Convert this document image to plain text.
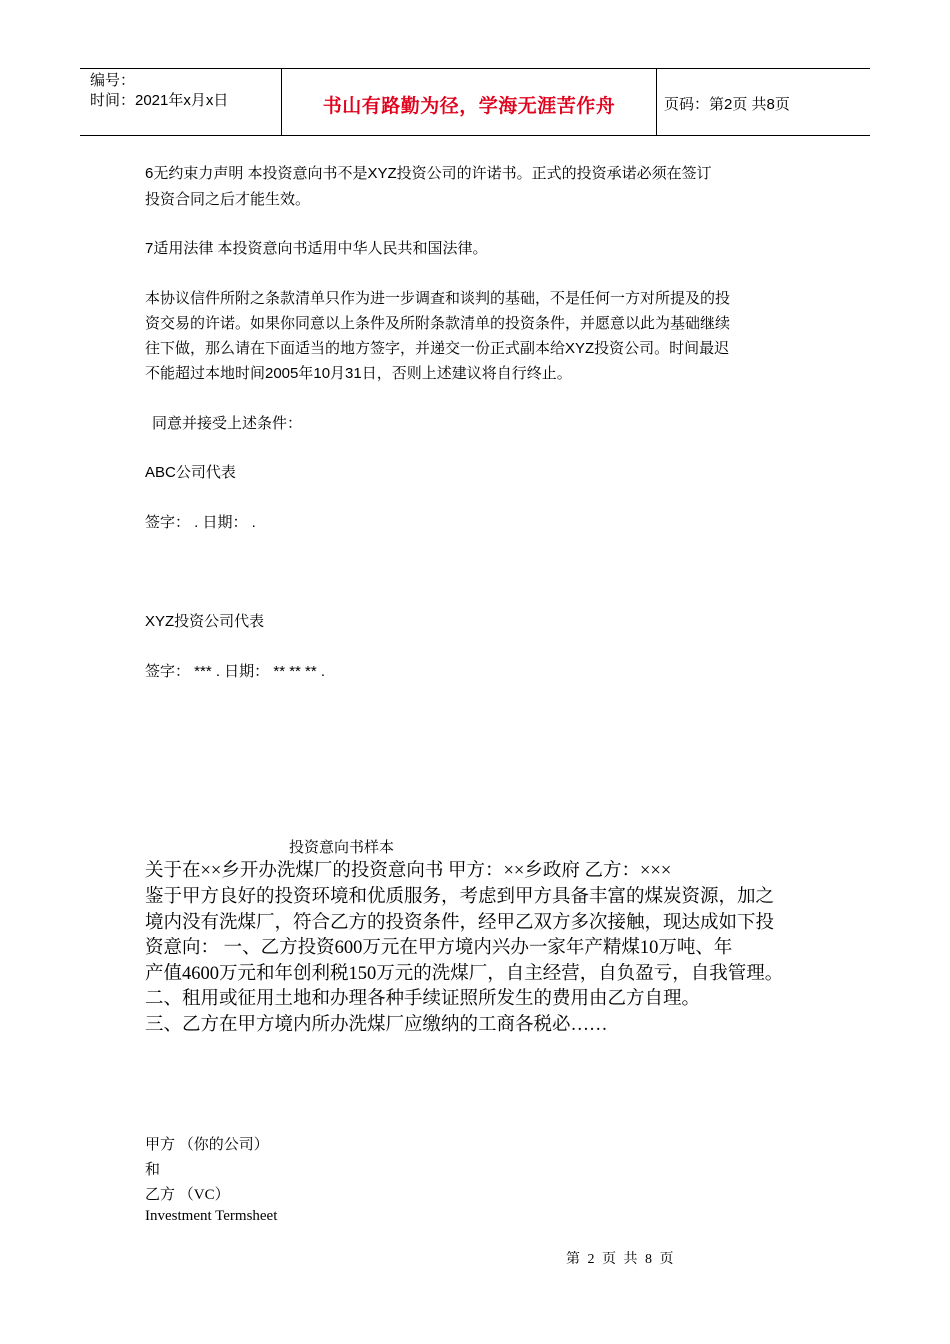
编号：
时间：2021年x月x日	书山有路勤为径，学海无涯苦作舟	页码：第2页 共8页
6无约束力声明 本投资意向书不是XYZ投资公司的许诺书。正式的投资承诺必须在签订
投资合同之后才能生效。
7适用法律 本投资意向书适用中华人民共和国法律。
本协议信件所附之条款清单只作为进一步调查和谈判的基础，不是任何一方对所提及的投
资交易的许诺。如果你同意以上条件及所附条款清单的投资条件，并愿意以此为基础继续
往下做，那么请在下面适当的地方签字，并递交一份正式副本给XYZ投资公司。时间最迟
不能超过本地时间2005年10月31日，否则上述建议将自行终止。
同意并接受上述条件：
ABC公司代表
签字： . 日期： .
XYZ投资公司代表
签字： *** . 日期： ** ** ** .
投资意向书样本
关于在××乡开办洗煤厂的投资意向书 甲方：××乡政府 乙方：×××
鉴于甲方良好的投资环境和优质服务，考虑到甲方具备丰富的煤炭资源，加之
境内没有洗煤厂，符合乙方的投资条件，经甲乙双方多次接触，现达成如下投
资意向： 一、乙方投资600万元在甲方境内兴办一家年产精煤10万吨、年
产值4600万元和年创利税150万元的洗煤厂，自主经营，自负盈亏，自我管理。
二、租用或征用土地和办理各种手续证照所发生的费用由乙方自理。
三、乙方在甲方境内所办洗煤厂应缴纳的工商各税必……
甲方 （你的公司）
和
乙方 （VC）
Investment Termsheet
第 2 页 共 8 页
